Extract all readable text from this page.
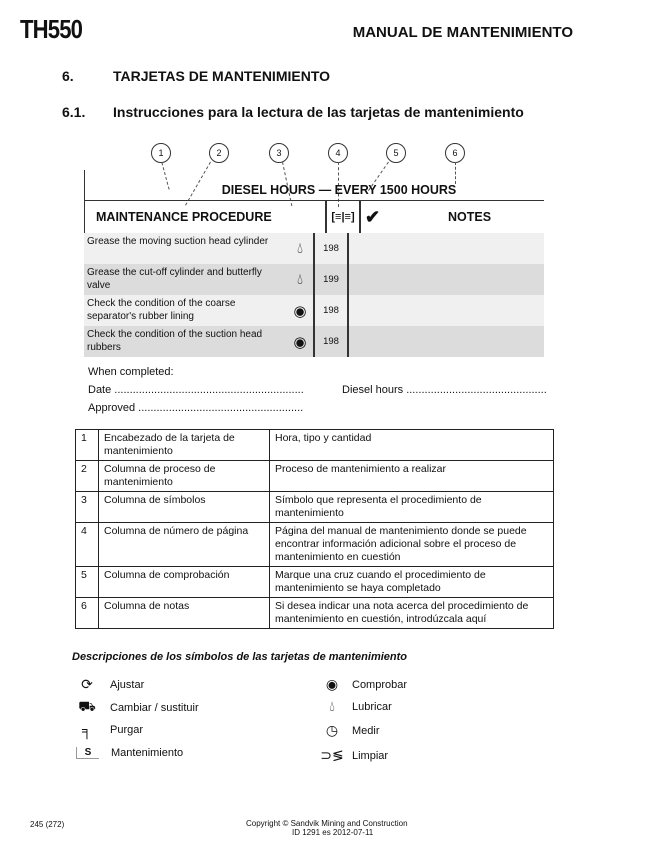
TH550	MANUAL DE MANTENIMIENTO
6.	TARJETAS DE MANTENIMIENTO
6.1. Instrucciones para la lectura de las tarjetas de mantenimiento
1	2	3	4	5	6
DIESEL HOURS — EVERY 1500 HOURS
MAINTENANCE PROCEDURE	[≡|≡] ✔	NOTES
Grease the moving suction head cylinder	💧︎	198
Grease the cut-off cylinder and butterfly valve	💧︎	199
Check the condition of the coarse separator's rubber lining	◉	198
Check the condition of the suction head rubbers	◉	198
When completed:
Date ..............................................................	Diesel hours ..............................................
Approved ......................................................
1	Encabezado de la tarjeta de mantenimiento	Hora, tipo y cantidad
2	Columna de proceso de mantenimiento	Proceso de mantenimiento a realizar
3	Columna de símbolos	Símbolo que representa el procedimiento de mantenimiento
4	Columna de número de página	Página del manual de mantenimiento donde se puede encontrar información adicional sobre el proceso de mantenimiento en cuestión
5	Columna de comprobación	Marque una cruz cuando el procedimiento de mantenimiento se haya completado
6	Columna de notas	Si desea indicar una nota acerca del procedimiento de mantenimiento en cuestión, introdúzcala aquí
Descripciones de los símbolos de las tarjetas de mantenimiento
⟳	Ajustar
⛟ Cambiar / sustituir
╕	Purgar
S	Mantenimiento
◉	Comprobar
💧︎	Lubricar
◷	Medir
⊃≶ Limpiar
245 (272)	Copyright © Sandvik Mining and Construction
ID 1291 es 2012-07-11
